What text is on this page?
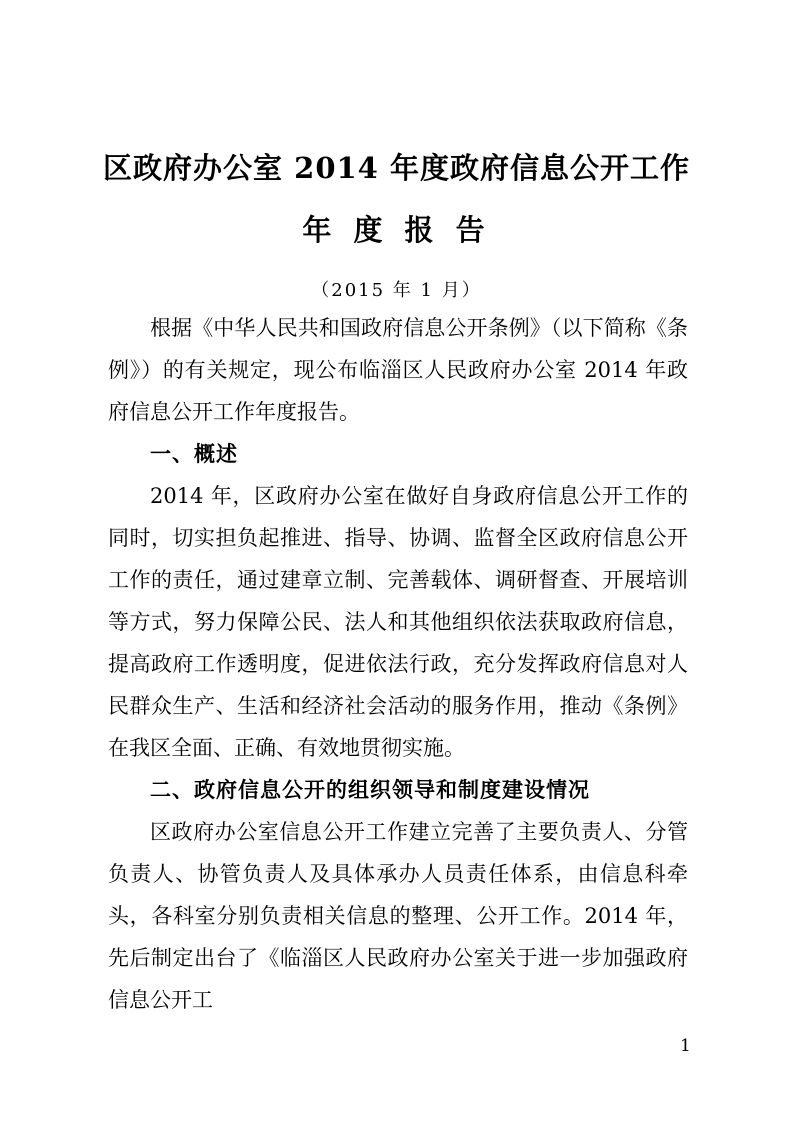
区政府办公室 2014 年度政府信息公开工作
年 度 报 告
（2015 年 1 月）

根据《中华人民共和国政府信息公开条例》（以下简称《条例》）的有关规定，现公布临淄区人民政府办公室 2014 年政府信息公开工作年度报告。

一、概述

2014 年，区政府办公室在做好自身政府信息公开工作的同时，切实担负起推进、指导、协调、监督全区政府信息公开工作的责任，通过建章立制、完善载体、调研督查、开展培训等方式，努力保障公民、法人和其他组织依法获取政府信息，提高政府工作透明度，促进依法行政，充分发挥政府信息对人民群众生产、生活和经济社会活动的服务作用，推动《条例》在我区全面、正确、有效地贯彻实施。

二、政府信息公开的组织领导和制度建设情况

区政府办公室信息公开工作建立完善了主要负责人、分管负责人、协管负责人及具体承办人员责任体系，由信息科牵头，各科室分别负责相关信息的整理、公开工作。2014 年，先后制定出台了《临淄区人民政府办公室关于进一步加强政府信息公开工

1
